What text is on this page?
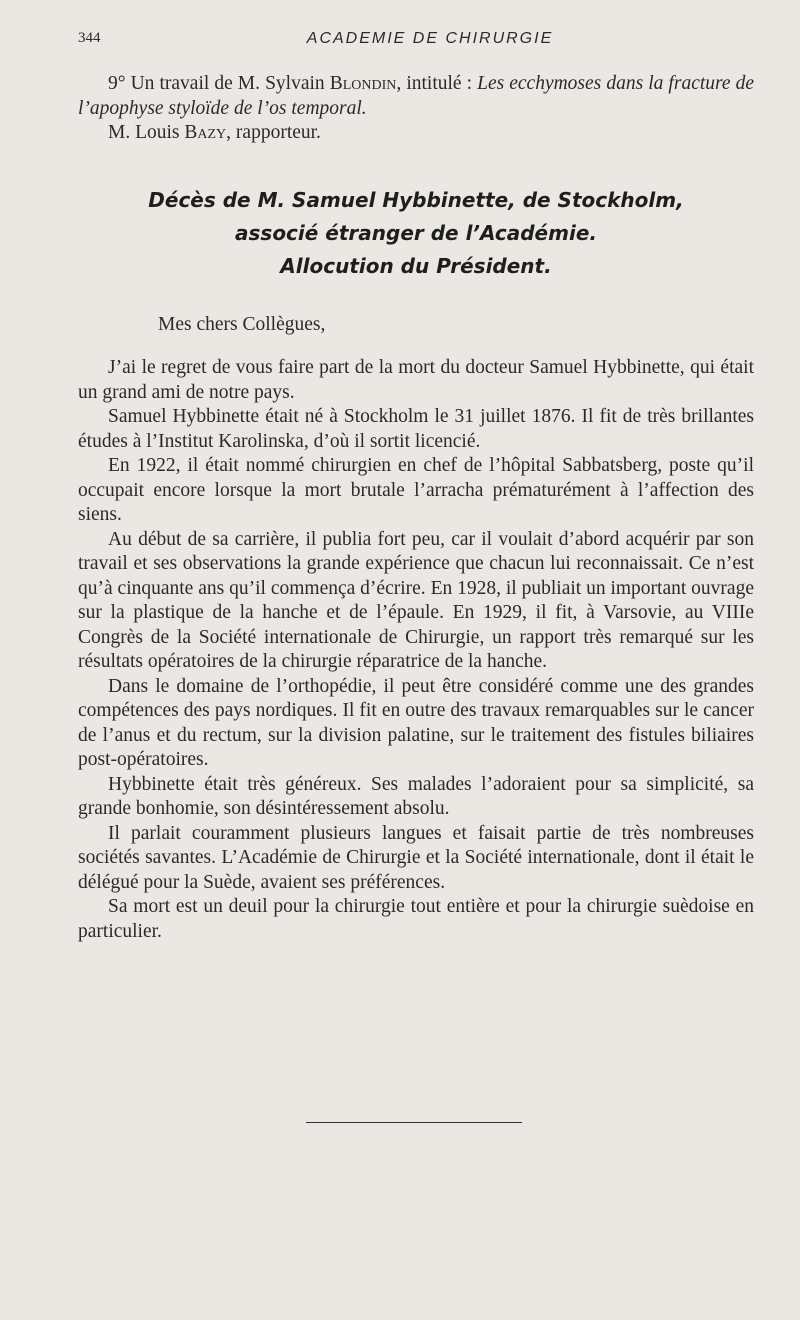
344	ACADEMIE DE CHIRURGIE

9° Un travail de M. Sylvain Blondin, intitulé : Les ecchymoses dans la fracture de l’apophyse styloïde de l’os temporal.

M. Louis Bazy, rapporteur.

Décès de M. Samuel Hybbinette, de Stockholm,
associé étranger de l’Académie.
Allocution du Président.
Mes chers Collègues,

J’ai le regret de vous faire part de la mort du docteur Samuel Hybbinette, qui était un grand ami de notre pays.

Samuel Hybbinette était né à Stockholm le 31 juillet 1876. Il fit de très brillantes études à l’Institut Karolinska, d’où il sortit licencié.

En 1922, il était nommé chirurgien en chef de l’hôpital Sabbatsberg, poste qu’il occupait encore lorsque la mort brutale l’arracha prématurément à l’affection des siens.

Au début de sa carrière, il publia fort peu, car il voulait d’abord acquérir par son travail et ses observations la grande expérience que chacun lui reconnaissait. Ce n’est qu’à cinquante ans qu’il commença d’écrire. En 1928, il publiait un important ouvrage sur la plastique de la hanche et de l’épaule. En 1929, il fit, à Varsovie, au VIIIe Congrès de la Société internationale de Chirurgie, un rapport très remarqué sur les résultats opératoires de la chirurgie réparatrice de la hanche.

Dans le domaine de l’orthopédie, il peut être considéré comme une des grandes compétences des pays nordiques. Il fit en outre des travaux remarquables sur le cancer de l’anus et du rectum, sur la division palatine, sur le traitement des fistules biliaires post-opératoires.

Hybbinette était très généreux. Ses malades l’adoraient pour sa simplicité, sa grande bonhomie, son désintéressement absolu.

Il parlait couramment plusieurs langues et faisait partie de très nombreuses sociétés savantes. L’Académie de Chirurgie et la Société internationale, dont il était le délégué pour la Suède, avaient ses préférences.

Sa mort est un deuil pour la chirurgie tout entière et pour la chirurgie suèdoise en particulier.
